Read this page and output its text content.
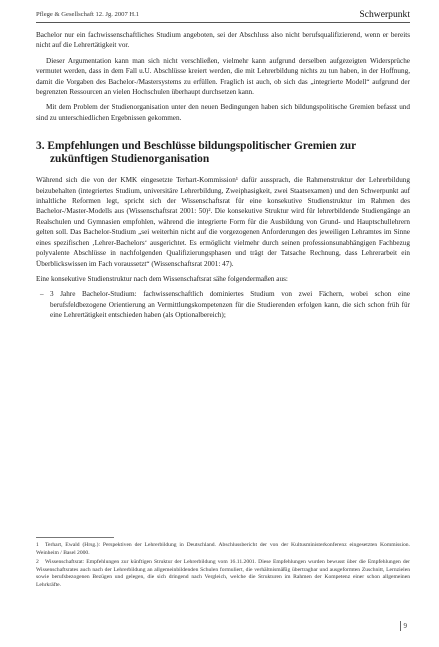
Pflege & Gesellschaft 12. Jg. 2007 H.1	Schwerpunkt

Bachelor nur ein fachwissenschaftliches Studium angeboten, sei der Abschluss also nicht berufsqualifizierend, wenn er bereits nicht auf die Lehrertätigkeit vor.

Dieser Argumentation kann man sich nicht verschließen, vielmehr kann aufgrund derselben aufgezeigten Widersprüche vermutet werden, dass in dem Fall u.U. Abschlüsse kreiert werden, die mit Lehrerbildung nichts zu tun haben, in der Hoffnung, damit die Vorgaben des Bachelor-/Mastersystems zu erfüllen. Fraglich ist auch, ob sich das „integrierte Modell“ aufgrund der begrenzten Ressourcen an vielen Hochschulen überhaupt durchsetzen kann.

Mit dem Problem der Studienorganisation unter den neuen Bedingungen haben sich bildungspolitische Gremien befasst und sind zu unterschiedlichen Ergebnissen gekommen.

3. Empfehlungen und Beschlüsse bildungspolitischer Gremien zur zukünftigen Studienorganisation

Während sich die von der KMK eingesetzte Terhart-Kommission¹ dafür aussprach, die Rahmenstruktur der Lehrerbildung beizubehalten (integriertes Studium, universitäre Lehrerbildung, Zweiphasigkeit, zwei Staatsexamen) und den Schwerpunkt auf inhaltliche Reformen legt, spricht sich der Wissenschaftsrat für eine konsekutive Studienstruktur im Rahmen des Bachelor-/Master-Modells aus (Wissenschaftsrat 2001: 50)². Die konsekutive Struktur wird für lehrerbildende Studiengänge an Realschulen und Gymnasien empfohlen, während die integrierte Form für die Ausbildung von Grund- und Hauptschullehrern gelten soll. Das Bachelor-Studium „sei weiterhin nicht auf die vorgezogenen Anforderungen des jeweiligen Lehramtes im Sinne eines spezifischen ‚Lehrer-Bachelors‘ ausgerichtet. Es ermöglicht vielmehr durch seinen professionsunabhängigen Fachbezug polyvalente Abschlüsse in nachfolgenden Qualifizierungsphasen und trägt der Tatsache Rechnung, dass Lehrerarbeit ein Überblickswissen im Fach voraussetzt“ (Wissenschaftsrat 2001: 47).

Eine konsekutive Studienstruktur nach dem Wissenschaftsrat sähe folgendermaßen aus:

– 3 Jahre Bachelor-Studium: fachwissenschaftlich dominiertes Studium von zwei Fächern, wobei schon eine berufsfeldbezogene Orientierung an Vermittlungskompetenzen für die Studierenden erfolgen kann, die sich schon früh für eine Lehrertätigkeit entschieden haben (als Optionalbereich);
1 Terhart, Ewald (Hrsg.): Perspektiven der Lehrerbildung in Deutschland. Abschlussbericht der von der Kultusministerkonferenz eingesetzten Kommission. Weinheim / Basel 2000.
2 Wissenschaftsrat: Empfehlungen zur künftigen Struktur der Lehrerbildung vom 16.11.2001. Diese Empfehlungen wurden bewusst über die Empfehlungen der Wissenschaftsrates auch nach der Lehrerbildung an allgemeinbildenden Schulen formuliert, die verhältnismäßig übertragbar und ausgeformten Zuschnitt, Lernzielen sowie berufsbezogenen Bezügen und gelegen, die sich dringend nach Vergleich, welche die Strukturen im Rahmen der Kompetenz einer schon allgemeinen Lehrkräfte.
9
